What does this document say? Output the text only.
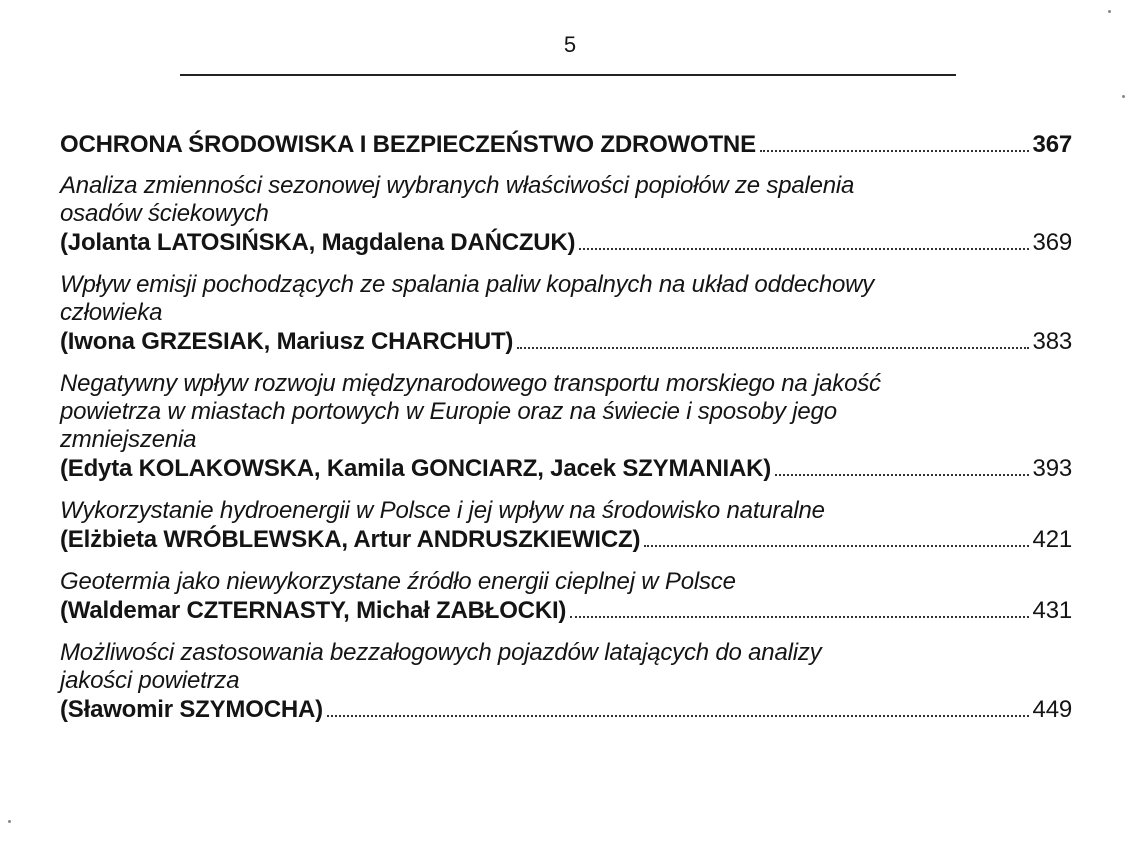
5
OCHRONA ŚRODOWISKA I BEZPIECZEŃSTWO ZDROWOTNE	367
Analiza zmienności sezonowej wybranych właściwości popiołów ze spalenia
osadów ściekowych
(Jolanta LATOSIŃSKA, Magdalena DAŃCZUK)	369
Wpływ emisji pochodzących ze spalania paliw kopalnych na układ oddechowy
człowieka
(Iwona GRZESIAK, Mariusz CHARCHUT)	383
Negatywny wpływ rozwoju międzynarodowego transportu morskiego na jakość
powietrza w miastach portowych w Europie oraz na świecie i sposoby jego
zmniejszenia
(Edyta KOLAKOWSKA, Kamila GONCIARZ, Jacek SZYMANIAK)	393
Wykorzystanie hydroenergii w Polsce i jej wpływ na środowisko naturalne
(Elżbieta WRÓBLEWSKA, Artur ANDRUSZKIEWICZ)	421
Geotermia jako niewykorzystane źródło energii cieplnej w Polsce
(Waldemar CZTERNASTY, Michał ZABŁOCKI)	431
Możliwości zastosowania bezzałogowych pojazdów latających do analizy
jakości powietrza
(Sławomir SZYMOCHA)	449
